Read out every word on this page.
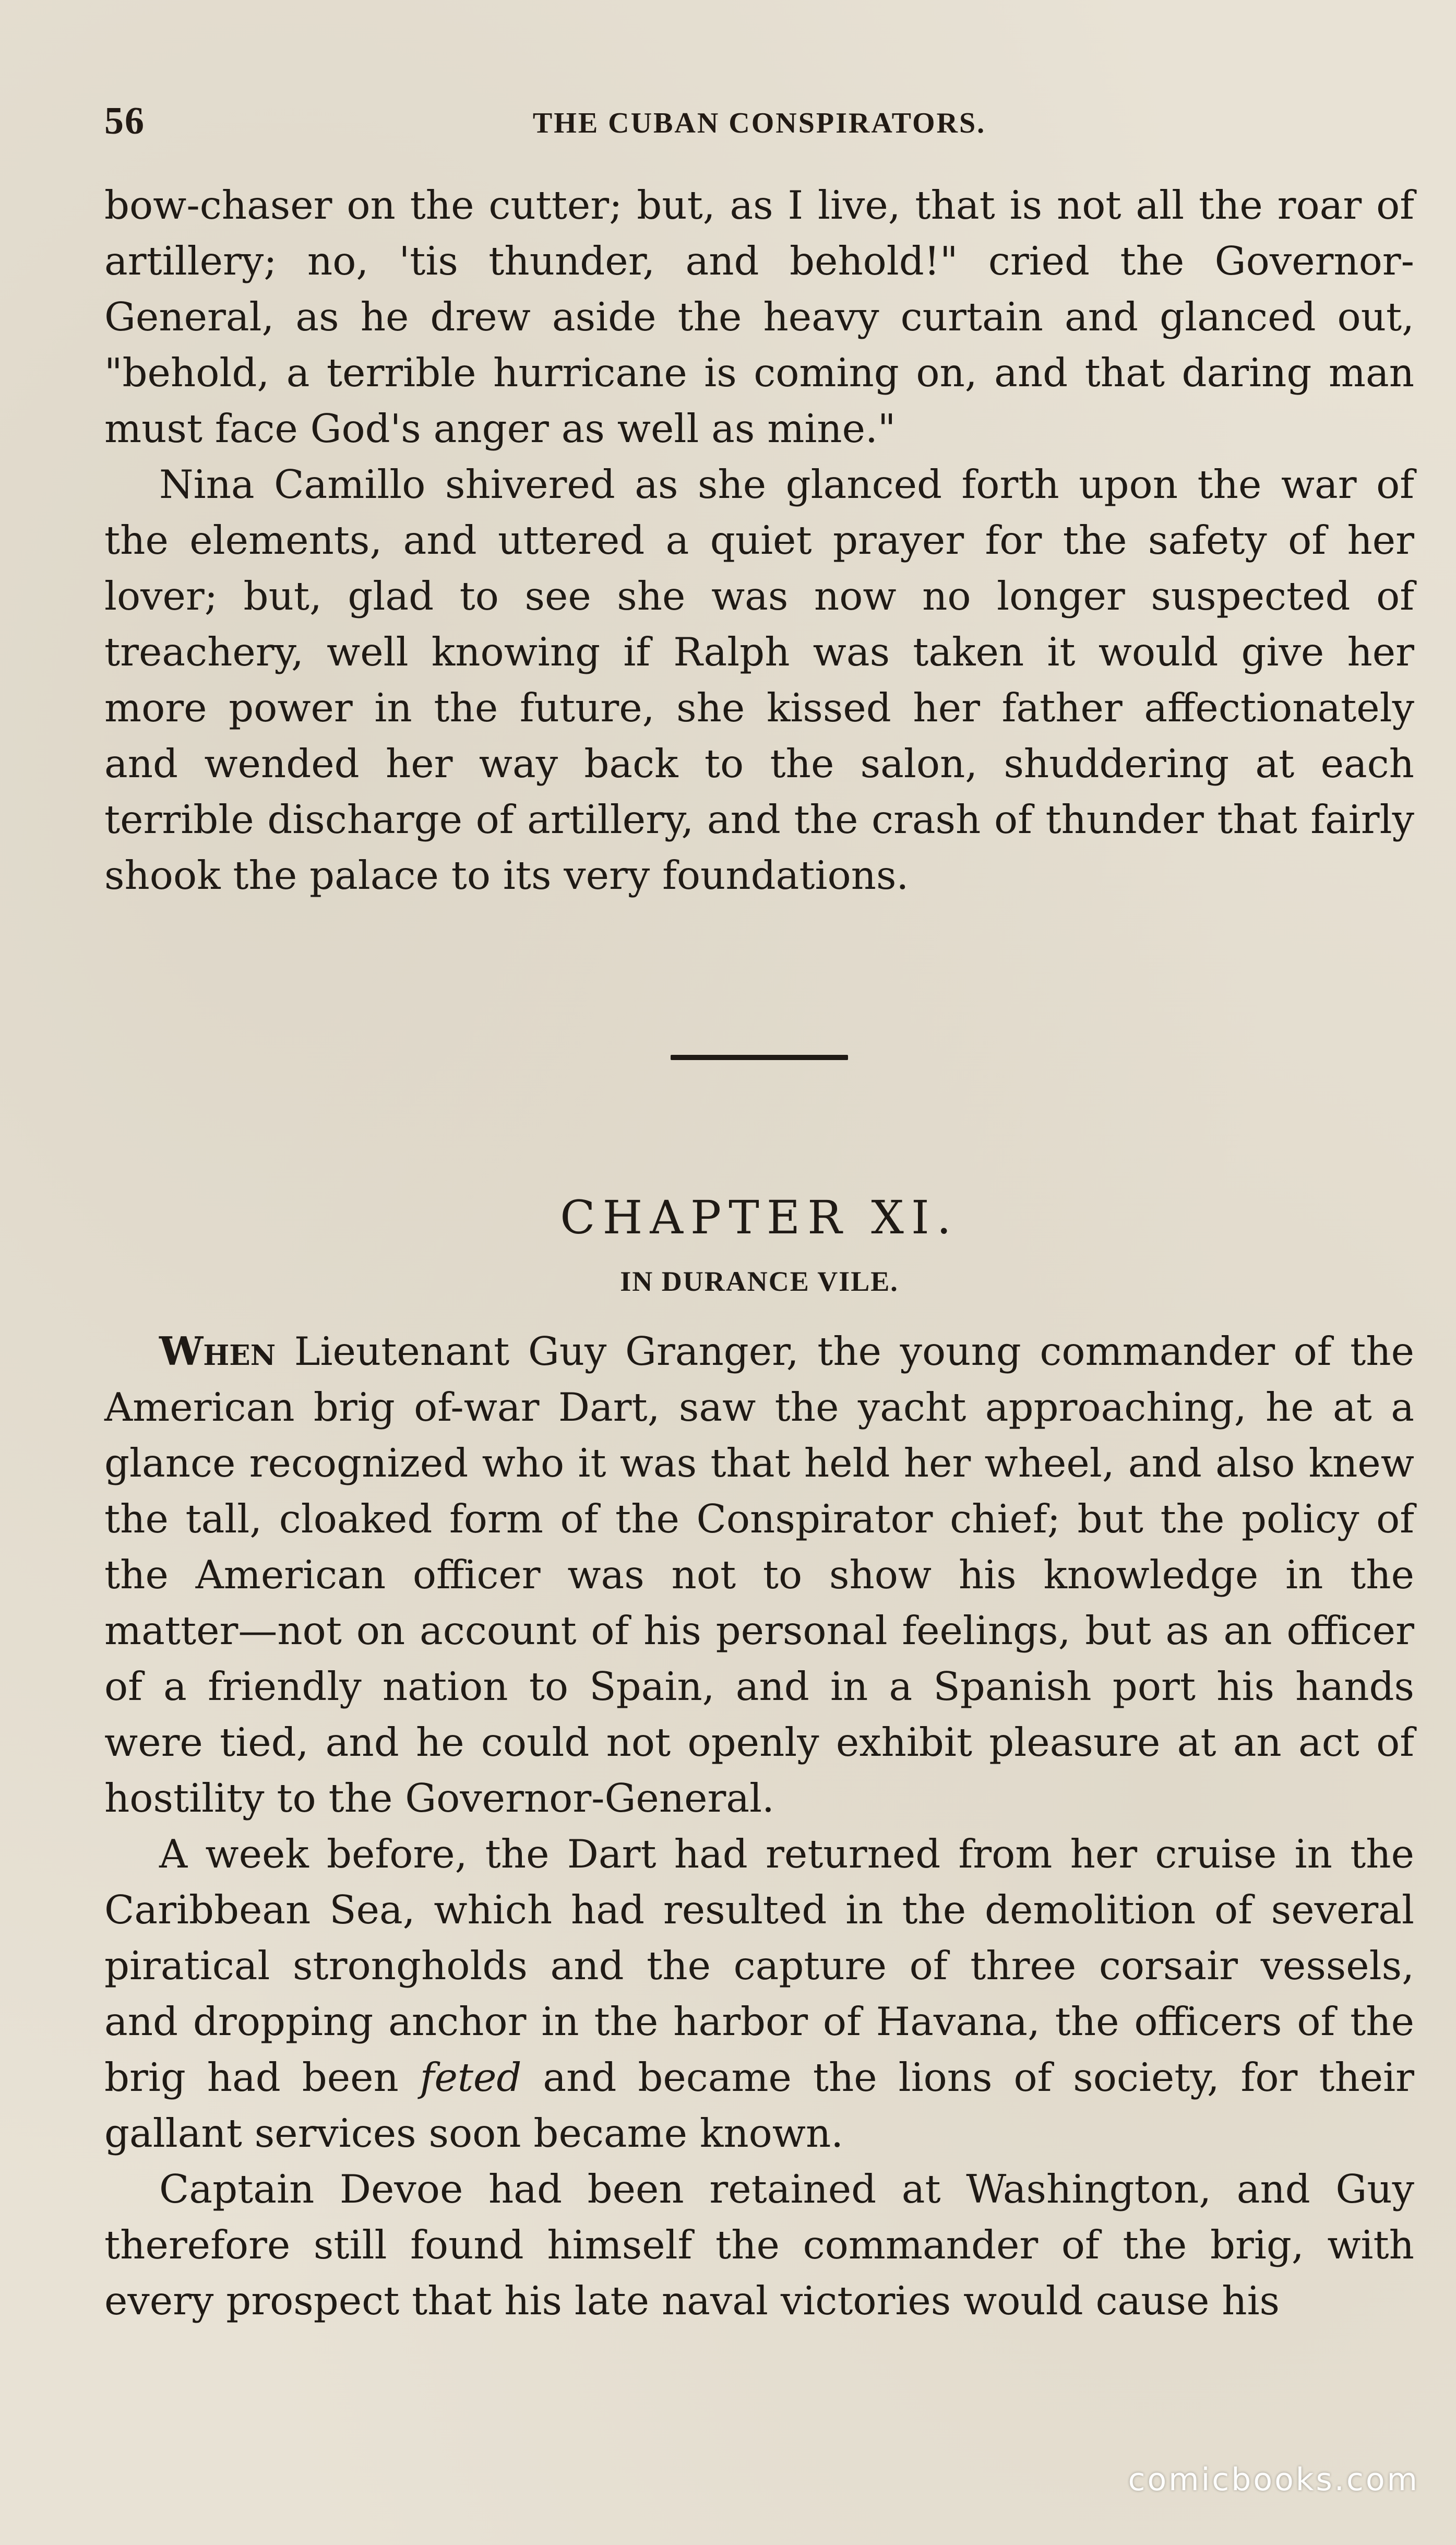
56	THE CUBAN CONSPIRATORS.

bow-chaser on the cutter; but, as I live, that is not all the roar of artillery; no, 'tis thunder, and behold!" cried the Governor-General, as he drew aside the heavy curtain and glanced out, "behold, a terrible hurricane is coming on, and that daring man must face God's anger as well as mine."

Nina Camillo shivered as she glanced forth upon the war of the elements, and uttered a quiet prayer for the safety of her lover; but, glad to see she was now no longer suspected of treachery, well knowing if Ralph was taken it would give her more power in the future, she kissed her father affectionately and wended her way back to the salon, shuddering at each terrible discharge of artillery, and the crash of thunder that fairly shook the palace to its very foundations.

CHAPTER XI.
IN DURANCE VILE.

When Lieutenant Guy Granger, the young commander of the American brig of-war Dart, saw the yacht approaching, he at a glance recognized who it was that held her wheel, and also knew the tall, cloaked form of the Conspirator chief; but the policy of the American officer was not to show his knowledge in the matter—not on account of his personal feelings, but as an officer of a friendly nation to Spain, and in a Spanish port his hands were tied, and he could not openly exhibit pleasure at an act of hostility to the Governor-General.

A week before, the Dart had returned from her cruise in the Caribbean Sea, which had resulted in the demolition of several piratical strongholds and the capture of three corsair vessels, and dropping anchor in the harbor of Havana, the officers of the brig had been feted and became the lions of society, for their gallant services soon became known.

Captain Devoe had been retained at Washington, and Guy therefore still found himself the commander of the brig, with every prospect that his late naval victories would cause his

comicbooks.com
